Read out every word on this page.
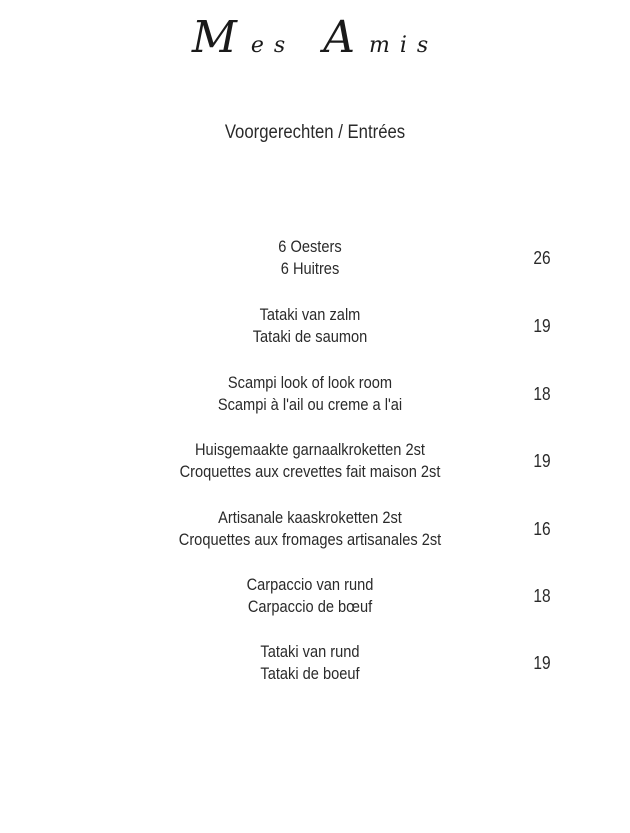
Mes Amis
Voorgerechten / Entrées
6 Oesters
6 Huitres
26
Tataki van zalm
Tataki de saumon
19
Scampi look of look room
Scampi à l'ail ou creme a l'ai
18
Huisgemaakte garnaalkroketten 2st
Croquettes aux crevettes fait maison 2st
19
Artisanale kaaskroketten 2st
Croquettes aux fromages artisanales 2st
16
Carpaccio van rund
Carpaccio de bœuf
18
Tataki van rund
Tataki de boeuf
19
